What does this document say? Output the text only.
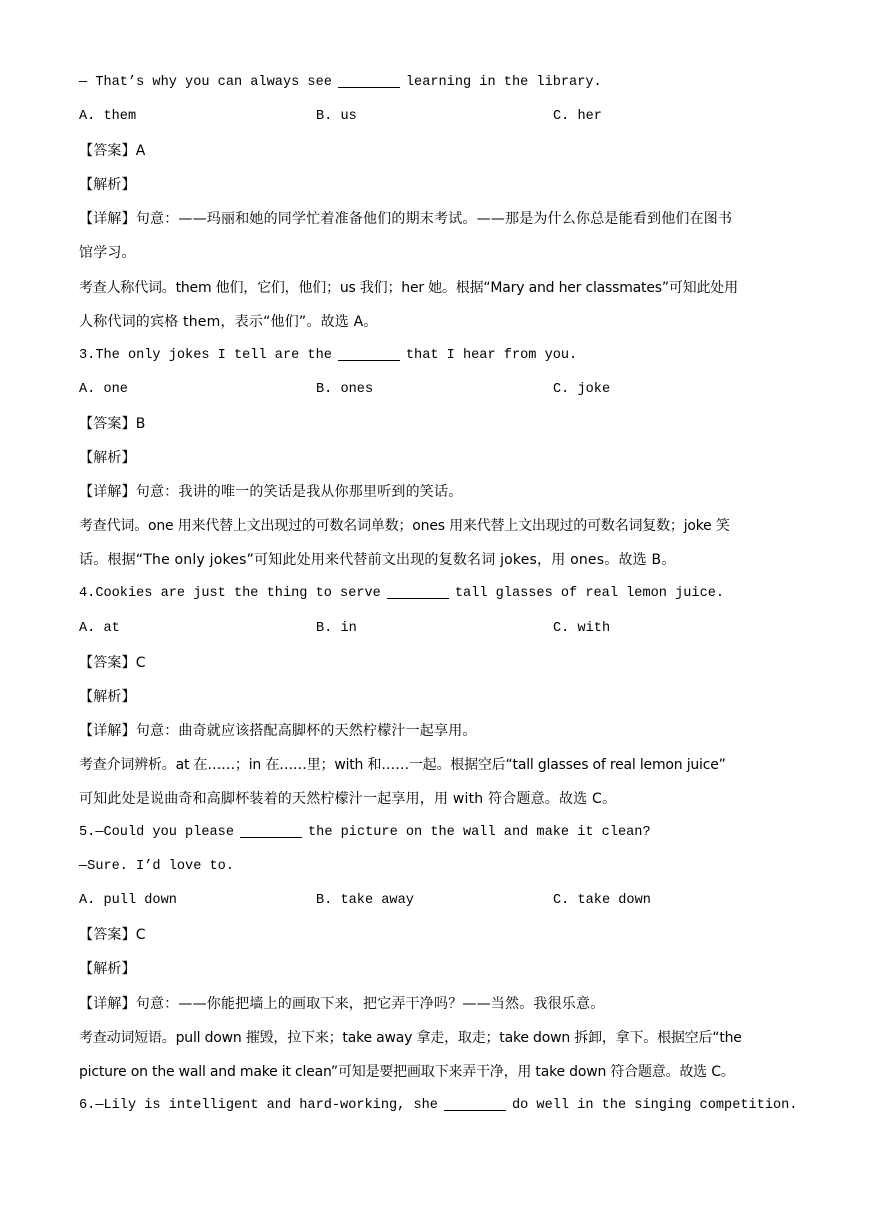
— That’s why you can always see	learning in the library.
A. them	B. us	C. her
【答案】A
【解析】
【详解】句意：——玛丽和她的同学忙着准备他们的期末考试。——那是为什么你总是能看到他们在图书
馆学习。
考查人称代词。them 他们，它们，他们；us 我们；her 她。根据“Mary and her classmates”可知此处用
人称代词的宾格 them，表示“他们”。故选 A。
3.The only jokes I tell are the	that I hear from you.
A. one	B. ones	C. joke
【答案】B
【解析】
【详解】句意：我讲的唯一的笑话是我从你那里听到的笑话。
考查代词。one 用来代替上文出现过的可数名词单数；ones 用来代替上文出现过的可数名词复数；joke 笑
话。根据“The only jokes”可知此处用来代替前文出现的复数名词 jokes，用 ones。故选 B。
4.Cookies are just the thing to serve	tall glasses of real lemon juice.
A. at	B. in	C. with
【答案】C
【解析】
【详解】句意：曲奇就应该搭配高脚杯的天然柠檬汁一起享用。
考查介词辨析。at 在……；in 在……里；with 和……一起。根据空后“tall glasses of real lemon juice”
可知此处是说曲奇和高脚杯装着的天然柠檬汁一起享用，用 with 符合题意。故选 C。
5.—Could you please	the picture on the wall and make it clean?
—Sure. I’d love to.
A. pull down	B. take away	C. take down
【答案】C
【解析】
【详解】句意：——你能把墙上的画取下来，把它弄干净吗？——当然。我很乐意。
考查动词短语。pull down 摧毁，拉下来；take away 拿走，取走；take down 拆卸，拿下。根据空后“the
picture on the wall and make it clean”可知是要把画取下来弄干净，用 take down 符合题意。故选 C。
6.—Lily is intelligent and hard-working, she	do well in the singing competition.
